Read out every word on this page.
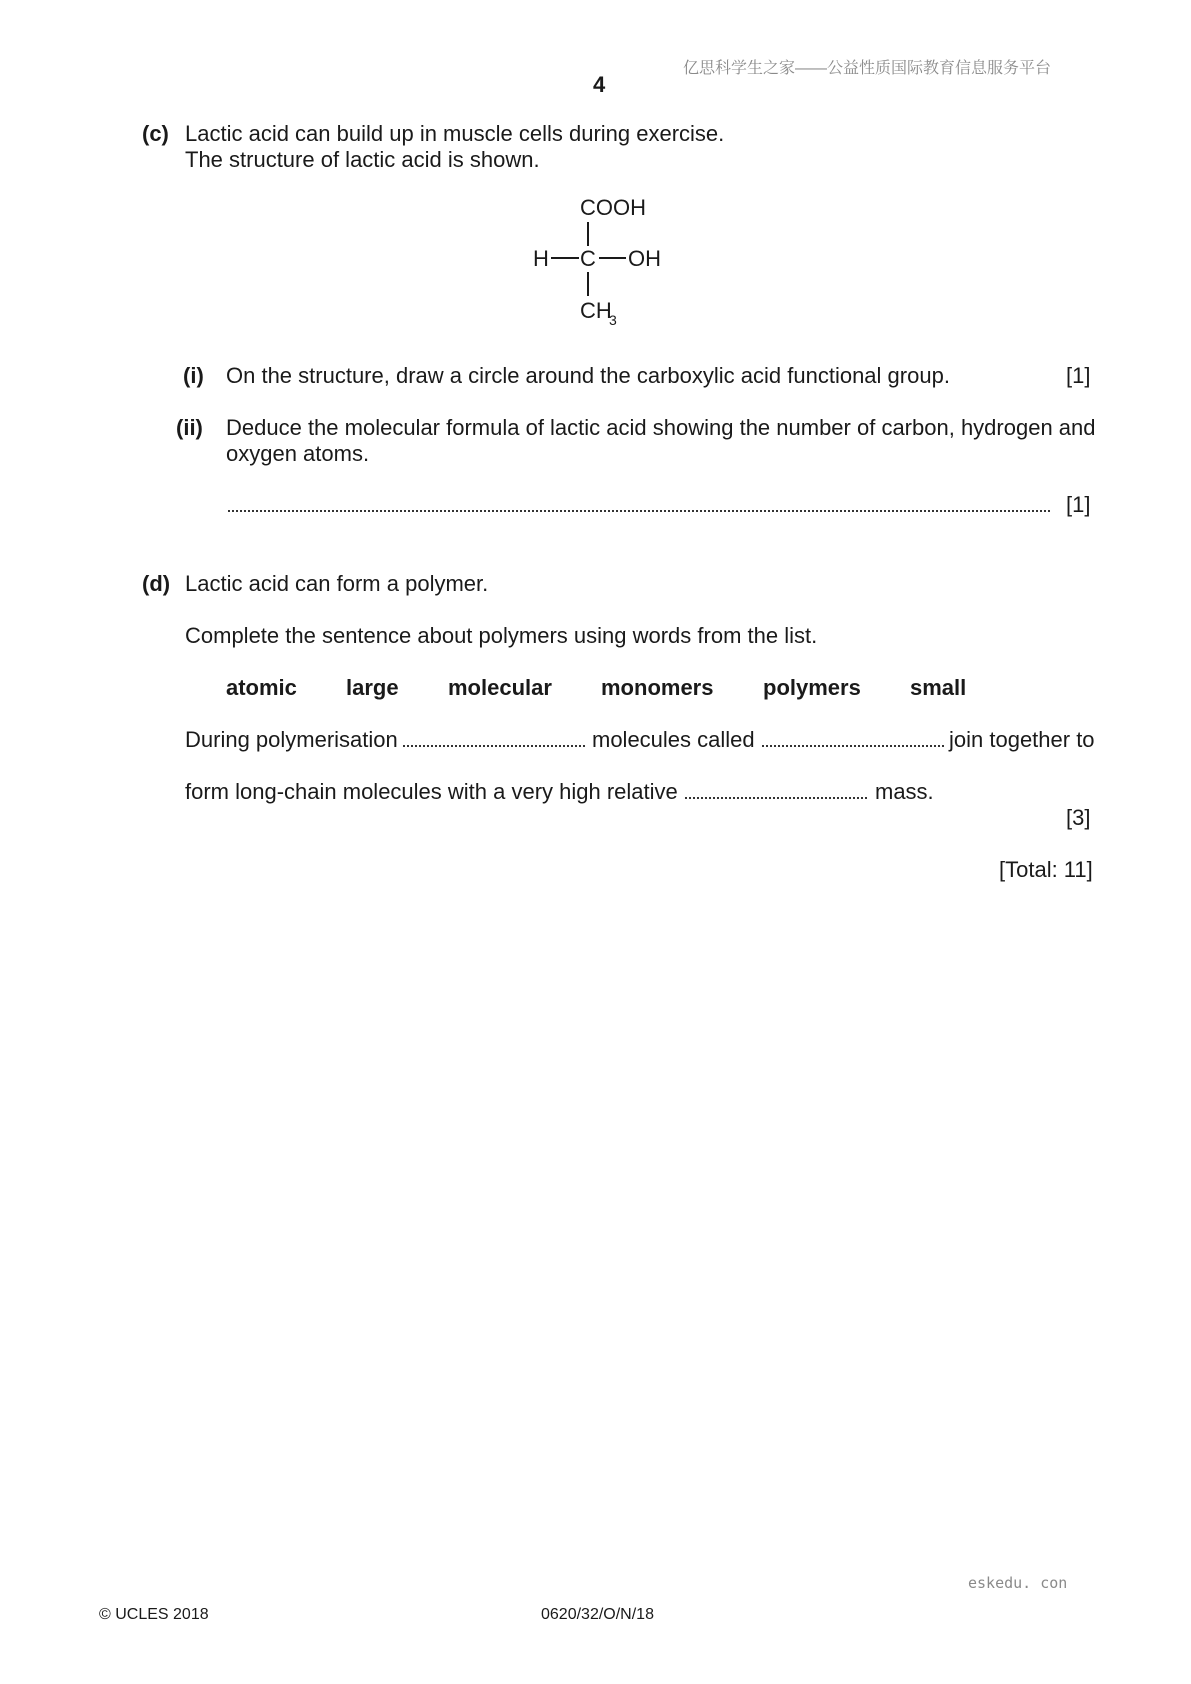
亿思科学生之家——公益性质国际教育信息服务平台
4
(c) Lactic acid can build up in muscle cells during exercise.
The structure of lactic acid is shown.
COOH
H C OH
CH
3
(i) On the structure, draw a circle around the carboxylic acid functional group.	[1]
(ii) Deduce the molecular formula of lactic acid showing the number of carbon, hydrogen and
oxygen atoms.
[1]
(d) Lactic acid can form a polymer.
Complete the sentence about polymers using words from the list.
atomic large molecular monomers polymers small
During polymerisation	molecules called	join together to
form long-chain molecules with a very high relative	mass.
[3]
[Total: 11]
eskedu. con
© UCLES 2018	0620/32/O/N/18
